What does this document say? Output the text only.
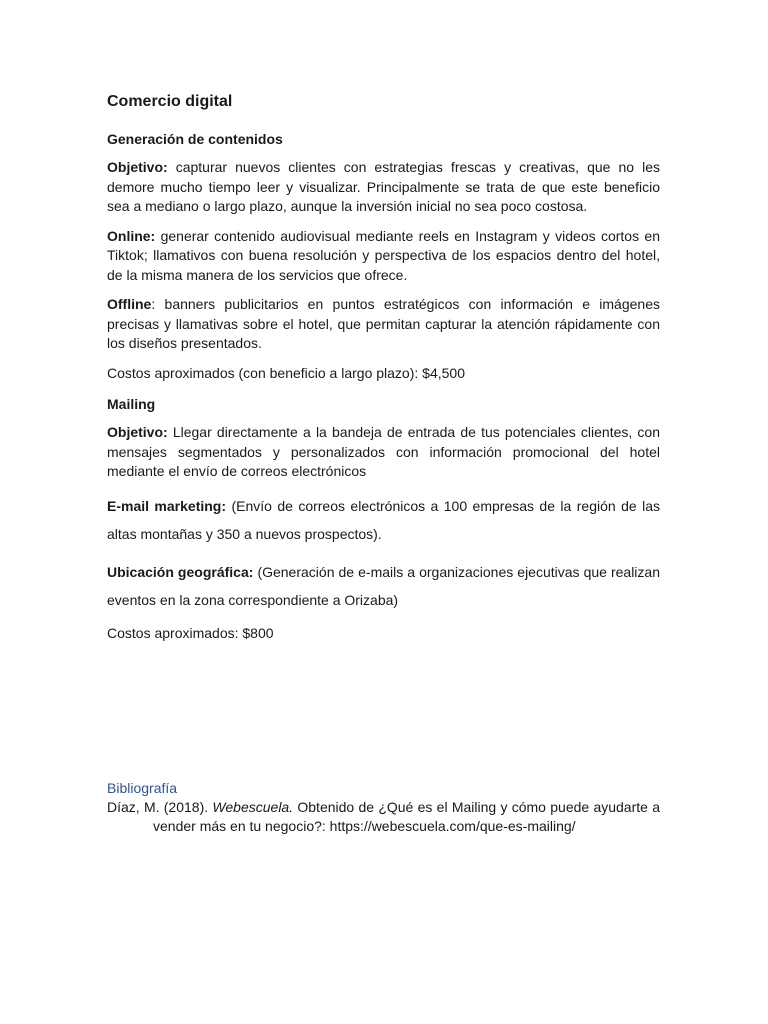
Comercio digital
Generación de contenidos

Objetivo: capturar nuevos clientes con estrategias frescas y creativas, que no les demore mucho tiempo leer y visualizar. Principalmente se trata de que este beneficio sea a mediano o largo plazo, aunque la inversión inicial no sea poco costosa.

Online: generar contenido audiovisual mediante reels en Instagram y videos cortos en Tiktok; llamativos con buena resolución y perspectiva de los espacios dentro del hotel, de la misma manera de los servicios que ofrece.

Offline: banners publicitarios en puntos estratégicos con información e imágenes precisas y llamativas sobre el hotel, que permitan capturar la atención rápidamente con los diseños presentados.

Costos aproximados (con beneficio a largo plazo): $4,500

Mailing

Objetivo: Llegar directamente a la bandeja de entrada de tus potenciales clientes, con mensajes segmentados y personalizados con información promocional del hotel mediante el envío de correos electrónicos

E-mail marketing: (Envío de correos electrónicos a 100 empresas de la región de las altas montañas y 350 a nuevos prospectos).

Ubicación geográfica: (Generación de e-mails a organizaciones ejecutivas que realizan eventos en la zona correspondiente a Orizaba)

Costos aproximados: $800

Bibliografía

Díaz, M. (2018). Webescuela. Obtenido de ¿Qué es el Mailing y cómo puede ayudarte a vender más en tu negocio?: https://webescuela.com/que-es-mailing/
